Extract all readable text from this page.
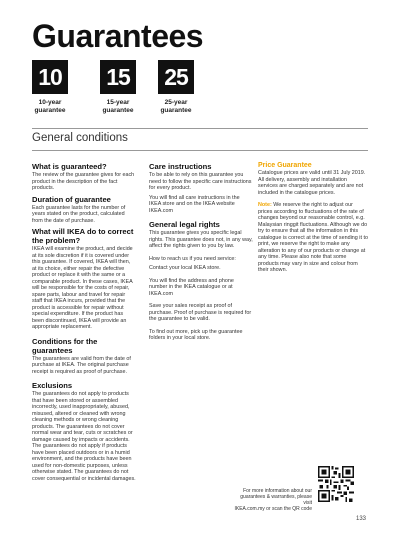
Guarantees
10 15 25
10-year
guarantee
15-year
guarantee
25-year
guarantee
General conditions
What is guaranteed?

The review of the guarantee gives for each product in the description of the fact products.

Duration of guarantee

Each guarantee lasts for the number of years stated on the product, calculated from the date of purchase.

What will IKEA do to correct the problem?

IKEA will examine the product, and decide at its sole discretion if it is covered under this guarantee. If covered, IKEA will then, at its choice, either repair the defective product or replace it with the same or a comparable product. In these cases, IKEA will be responsible for the costs of repair, spare parts, labour and travel for repair staff that IKEA incurs, provided that the product is accessible for repair without special expenditure. If the product has been discontinued, IKEA will provide an appropriate replacement.

Conditions for the guarantees

The guarantees are valid from the date of purchase at IKEA. The original purchase receipt is required as proof of purchase.

Exclusions

The guarantees do not apply to products that have been stored or assembled incorrectly, used inappropriately, abused, misused, altered or cleaned with wrong cleaning methods or wrong cleaning products. The guarantees do not cover normal wear and tear, cuts or scratches or damage caused by impacts or accidents. The guarantees do not apply if products have been placed outdoors or in a humid environment, and the products have been used for non-domestic purposes, unless otherwise stated. The guarantees do not cover consequential or incidental damages.

Care instructions

To be able to rely on this guarantee you need to follow the specific care instructions for every product.

You will find all care instructions in the IKEA store and on the IKEA website IKEA.com

General legal rights

This guarantee gives you specific legal rights. This guarantee does not, in any way, affect the rights given to you by law.

How to reach us if you need service:

Contact your local IKEA store.

You will find the address and phone number in the IKEA catalogue or at IKEA.com

Save your sales receipt as proof of purchase. Proof of purchase is required for the guarantee to be valid.

To find out more, pick up the guarantee folders in your local store.

Price Guarantee

Catalogue prices are valid until 31 July 2019. All delivery, assembly and installation services are charged separately and are not included in the catalogue prices.

Note: We reserve the right to adjust our prices according to fluctuations of the rate of changes beyond our reasonable control, e.g. Malaysian ringgit fluctuations. Although we do try to ensure that all the information in this catalogue is correct at the time of sending it to print, we reserve the right to make any alteration to any of our products or change at any time. Please also note that some products may vary in size and colour from their shown.

For more information about our
guarantees & warranties, please visit
IKEA.com.my or scan the QR code
133
